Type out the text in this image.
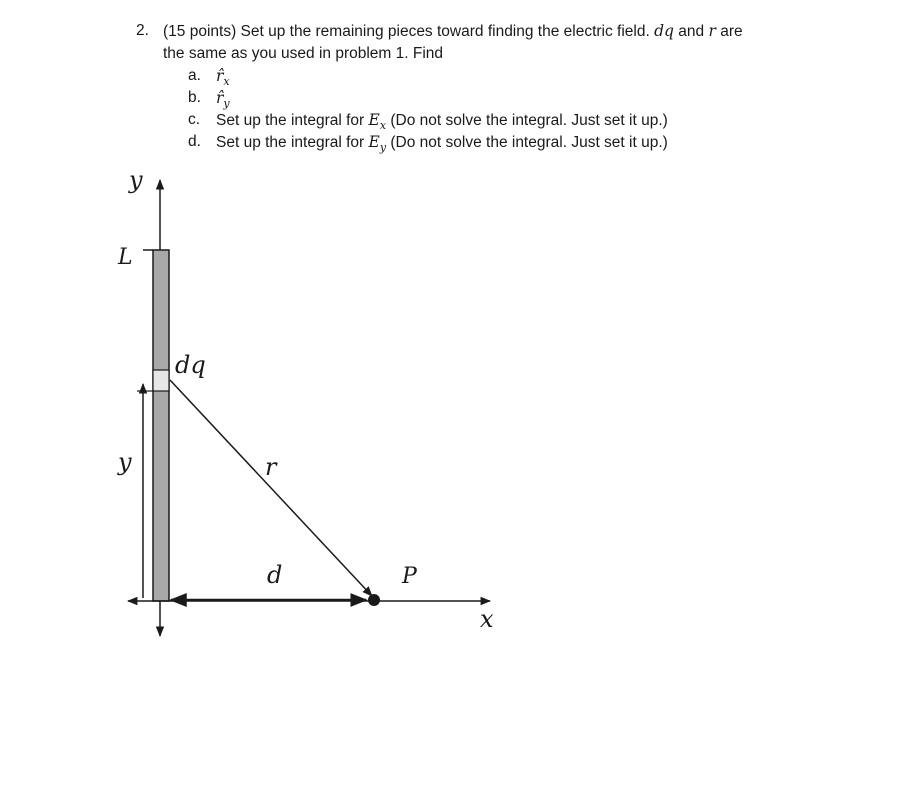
2. (15 points) Set up the remaining pieces toward finding the electric field. dq and r are
the same as you used in problem 1. Find
a. $r̂_x$
b. $r̂_y$
c.	Set up the integral for $E_x$ (Do not solve the integral. Just set it up.)
d. Set up the integral for $E_y$ (Do not solve the integral. Just set it up.)
y
L
dq
y	r
d	P
x
